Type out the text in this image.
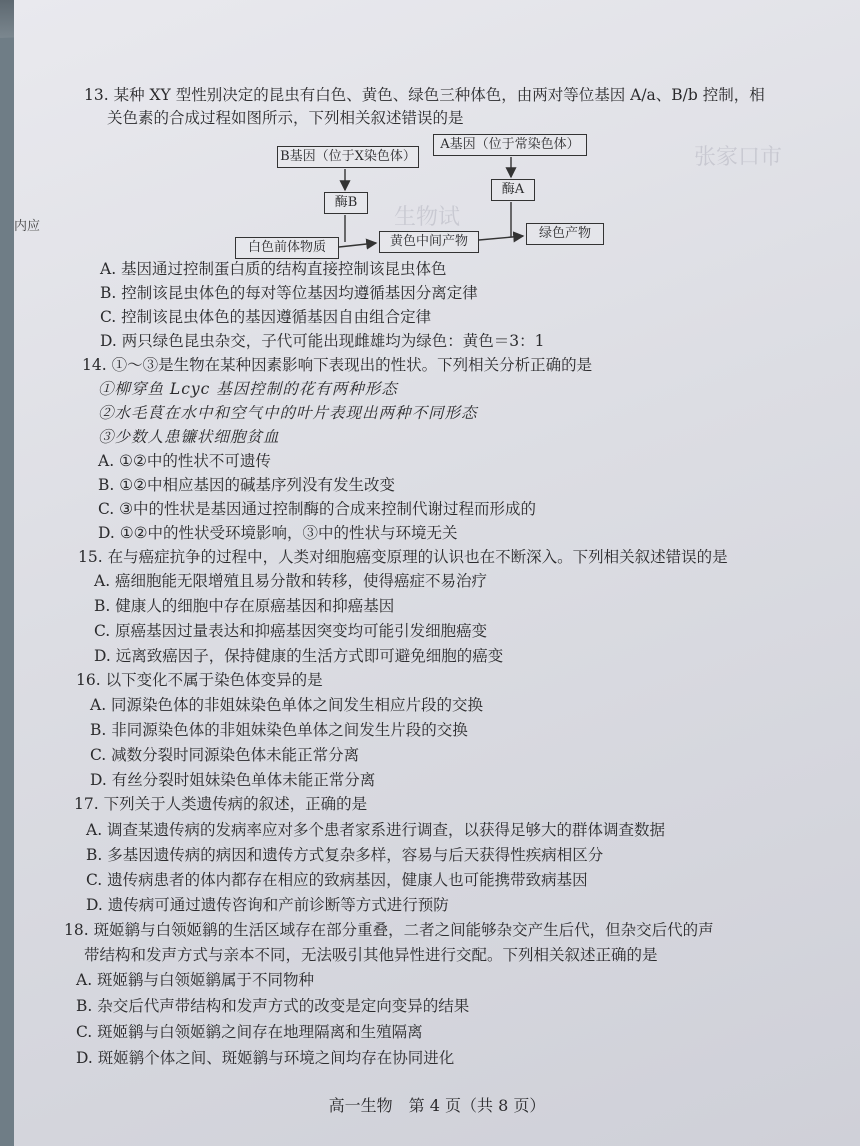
张家口市
生物试
内应
13. 某种 XY 型性别决定的昆虫有白色、黄色、绿色三种体色，由两对等位基因 A/a、B/b 控制，相
关色素的合成过程如图所示，下列相关叙述错误的是
B基因（位于X染色体）
A基因（位于常染色体）
酶B
酶A
白色前体物质	黄色中间产物
绿色产物
A. 基因通过控制蛋白质的结构直接控制该昆虫体色
B. 控制该昆虫体色的每对等位基因均遵循基因分离定律
C. 控制该昆虫体色的基因遵循基因自由组合定律
D. 两只绿色昆虫杂交，子代可能出现雌雄均为绿色：黄色＝3：1
14. ①～③是生物在某种因素影响下表现出的性状。下列相关分析正确的是
①柳穿鱼 Lcyc 基因控制的花有两种形态
②水毛茛在水中和空气中的叶片表现出两种不同形态
③少数人患镰状细胞贫血
A. ①②中的性状不可遗传
B. ①②中相应基因的碱基序列没有发生改变
C. ③中的性状是基因通过控制酶的合成来控制代谢过程而形成的
D. ①②中的性状受环境影响，③中的性状与环境无关
15. 在与癌症抗争的过程中，人类对细胞癌变原理的认识也在不断深入。下列相关叙述错误的是
A. 癌细胞能无限增殖且易分散和转移，使得癌症不易治疗
B. 健康人的细胞中存在原癌基因和抑癌基因
C. 原癌基因过量表达和抑癌基因突变均可能引发细胞癌变
D. 远离致癌因子，保持健康的生活方式即可避免细胞的癌变
16. 以下变化不属于染色体变异的是
A. 同源染色体的非姐妹染色单体之间发生相应片段的交换
B. 非同源染色体的非姐妹染色单体之间发生片段的交换
C. 减数分裂时同源染色体未能正常分离
D. 有丝分裂时姐妹染色单体未能正常分离
17. 下列关于人类遗传病的叙述，正确的是
A. 调查某遗传病的发病率应对多个患者家系进行调查，以获得足够大的群体调查数据
B. 多基因遗传病的病因和遗传方式复杂多样，容易与后天获得性疾病相区分
C. 遗传病患者的体内都存在相应的致病基因，健康人也可能携带致病基因
D. 遗传病可通过遗传咨询和产前诊断等方式进行预防
18. 斑姬鹟与白领姬鹟的生活区域存在部分重叠，二者之间能够杂交产生后代，但杂交后代的声
带结构和发声方式与亲本不同，无法吸引其他异性进行交配。下列相关叙述正确的是
A. 斑姬鹟与白领姬鹟属于不同物种
B. 杂交后代声带结构和发声方式的改变是定向变异的结果
C. 斑姬鹟与白领姬鹟之间存在地理隔离和生殖隔离
D. 斑姬鹟个体之间、斑姬鹟与环境之间均存在协同进化
高一生物　第 4 页（共 8 页）
